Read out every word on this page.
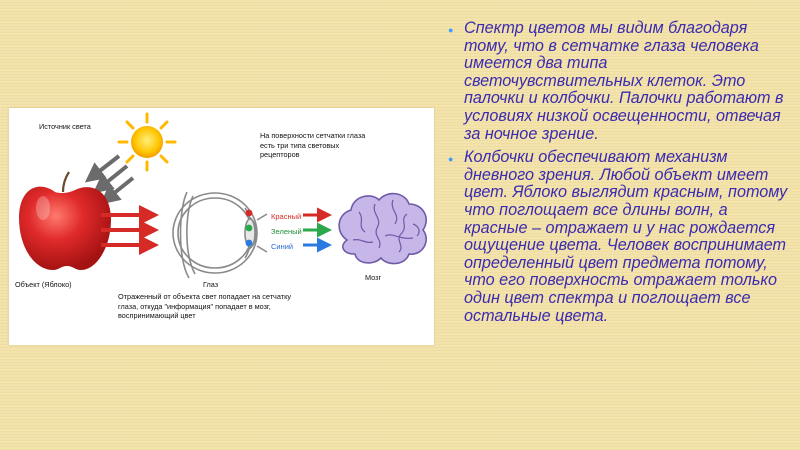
Источник света
На поверхности сетчатки глаза есть три типа световых рецепторов
Красный
Зеленый
Синий
Объект (Яблоко)	Глаз
Мозг
Отраженный от объекта свет попадает на сетчатку глаза, откуда "информация" попадает в мозг, воспринимающий цвет
● Спектр цветов мы видим благодаря тому, что в сетчатке глаза человека имеется два типа светочувствительных клеток. Это палочки и колбочки. Палочки работают в условиях низкой освещенности, отвечая за ночное зрение.
● Колбочки обеспечивают механизм дневного зрения. Любой объект имеет цвет. Яблоко выглядит красным, потому что поглощает все длины волн, а красные – отражает и у нас рождается ощущение цвета. Человек воспринимает определенный цвет предмета потому, что его поверхность отражает только один цвет спектра и поглощает все остальные цвета.
